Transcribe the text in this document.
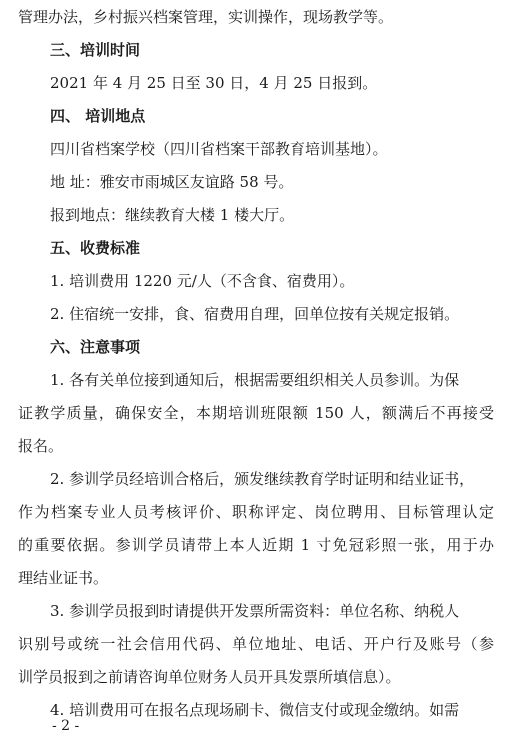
管理办法，乡村振兴档案管理，实训操作，现场教学等。
三、培训时间
2021 年 4 月 25 日至 30 日，4 月 25 日报到。
四、 培训地点
四川省档案学校（四川省档案干部教育培训基地）。
地 址：雅安市雨城区友谊路 58 号。
报到地点：继续教育大楼 1 楼大厅。
五、收费标准
1. 培训费用 1220 元/人（不含食、宿费用）。
2. 住宿统一安排，食、宿费用自理，回单位按有关规定报销。
六、注意事项
1. 各有关单位接到通知后，根据需要组织相关人员参训。为保
证教学质量，确保安全，本期培训班限额 150 人，额满后不再接受
报名。
2. 参训学员经培训合格后，颁发继续教育学时证明和结业证书，
作为档案专业人员考核评价、职称评定、岗位聘用、目标管理认定
的重要依据。参训学员请带上本人近期 1 寸免冠彩照一张，用于办
理结业证书。
3. 参训学员报到时请提供开发票所需资料：单位名称、纳税人
识别号或统一社会信用代码、单位地址、电话、开户行及账号（参
训学员报到之前请咨询单位财务人员开具发票所填信息）。
4. 培训费用可在报名点现场刷卡、微信支付或现金缴纳。如需
- 2 -
